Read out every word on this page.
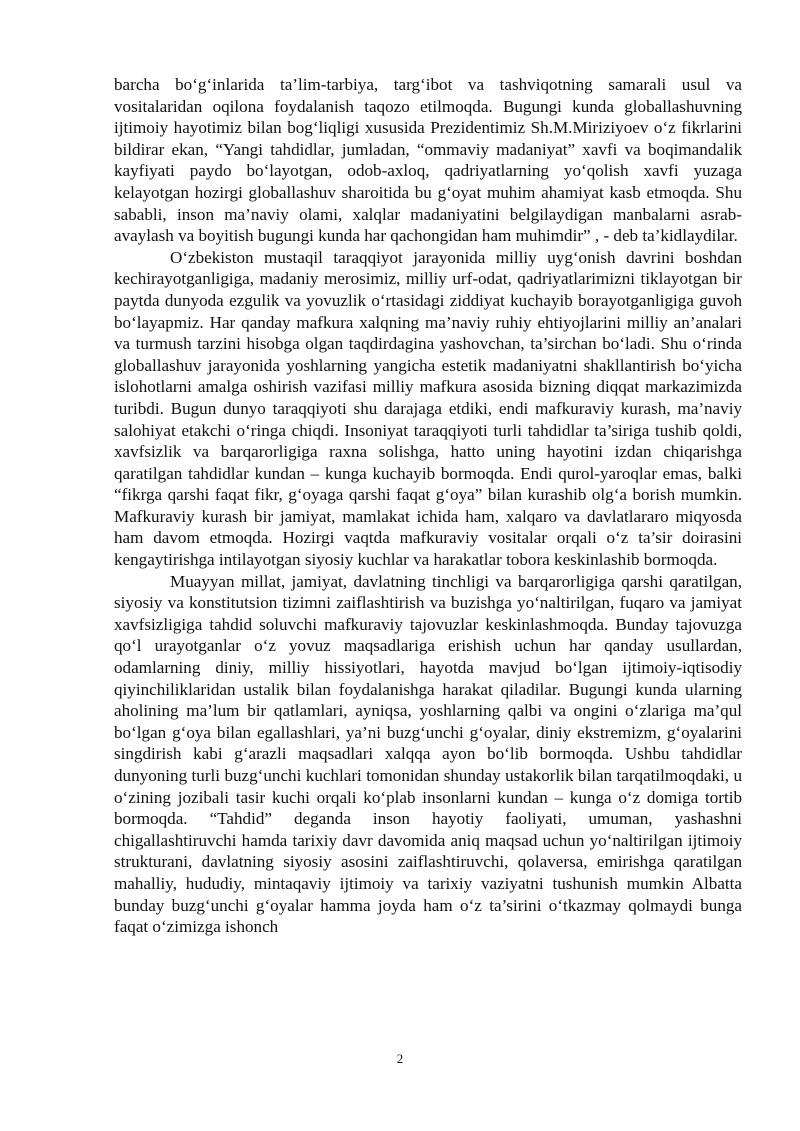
barcha bo‘g‘inlarida ta’lim-tarbiya, targ‘ibot va tashviqotning samarali usul va vositalaridan oqilona foydalanish taqozo etilmoqda. Bugungi kunda globallashuvning ijtimoiy hayotimiz bilan bog‘liqligi xususida Prezidentimiz Sh.M.Miriziyoev o‘z fikrlarini bildirar ekan, “Yangi tahdidlar, jumladan, “ommaviy madaniyat” xavfi va boqimandalik kayfiyati paydo bo‘layotgan, odob-axloq, qadriyatlarning yo‘qolish xavfi yuzaga kelayotgan hozirgi globallashuv sharoitida bu g‘oyat muhim ahamiyat kasb etmoqda. Shu sababli, inson ma’naviy olami, xalqlar madaniyatini belgilaydigan manbalarni asrab-avaylash va boyitish bugungi kunda har qachongidan ham muhimdir” , - deb ta’kidlaydilar.

O‘zbekiston mustaqil taraqqiyot jarayonida milliy uyg‘onish davrini boshdan kechirayotganligiga, madaniy merosimiz, milliy urf-odat, qadriyatlarimizni tiklayotgan bir paytda dunyoda ezgulik va yovuzlik o‘rtasidagi ziddiyat kuchayib borayotganligiga guvoh bo‘layapmiz. Har qanday mafkura xalqning ma’naviy ruhiy ehtiyojlarini milliy an’analari va turmush tarzini hisobga olgan taqdirdagina yashovchan, ta’sirchan bo‘ladi. Shu o‘rinda globallashuv jarayonida yoshlarning yangicha estetik madaniyatni shakllantirish bo‘yicha islohotlarni amalga oshirish vazifasi milliy mafkura asosida bizning diqqat markazimizda turibdi. Bugun dunyo taraqqiyoti shu darajaga etdiki, endi mafkuraviy kurash, ma’naviy salohiyat etakchi o‘ringa chiqdi. Insoniyat taraqqiyoti turli tahdidlar ta’siriga tushib qoldi, xavfsizlik va barqarorligiga raxna solishga, hatto uning hayotini izdan chiqarishga qaratilgan tahdidlar kundan – kunga kuchayib bormoqda. Endi qurol-yaroqlar emas, balki “fikrga qarshi faqat fikr, g‘oyaga qarshi faqat g‘oya” bilan kurashib olg‘a borish mumkin. Mafkuraviy kurash bir jamiyat, mamlakat ichida ham, xalqaro va davlatlararo miqyosda ham davom etmoqda. Hozirgi vaqtda mafkuraviy vositalar orqali o‘z ta’sir doirasini kengaytirishga intilayotgan siyosiy kuchlar va harakatlar tobora keskinlashib bormoqda.

Muayyan millat, jamiyat, davlatning tinchligi va barqarorligiga qarshi qaratilgan, siyosiy va konstitutsion tizimni zaiflashtirish va buzishga yo‘naltirilgan, fuqaro va jamiyat xavfsizligiga tahdid soluvchi mafkuraviy tajovuzlar keskinlashmoqda. Bunday tajovuzga qo‘l urayotganlar o‘z yovuz maqsadlariga erishish uchun har qanday usullardan, odamlarning diniy, milliy hissiyotlari, hayotda mavjud bo‘lgan ijtimoiy-iqtisodiy qiyinchiliklaridan ustalik bilan foydalanishga harakat qiladilar. Bugungi kunda ularning aholining ma’lum bir qatlamlari, ayniqsa, yoshlarning qalbi va ongini o‘zlariga ma’qul bo‘lgan g‘oya bilan egallashlari, ya’ni buzg‘unchi g‘oyalar, diniy ekstremizm, g‘oyalarini singdirish kabi g‘arazli maqsadlari xalqqa ayon bo‘lib bormoqda. Ushbu tahdidlar dunyoning turli buzg‘unchi kuchlari tomonidan shunday ustakorlik bilan tarqatilmoqdaki, u o‘zining jozibali tasir kuchi orqali ko‘plab insonlarni kundan – kunga o‘z domiga tortib bormoqda. “Tahdid” deganda inson hayotiy faoliyati, umuman, yashashni chigallashtiruvchi hamda tarixiy davr davomida aniq maqsad uchun yo‘naltirilgan ijtimoiy strukturani, davlatning siyosiy asosini zaiflashtiruvchi, qolaversa, emirishga qaratilgan mahalliy, hududiy, mintaqaviy ijtimoiy va tarixiy vaziyatni tushunish mumkin Albatta bunday buzg‘unchi g‘oyalar hamma joyda ham o‘z ta’sirini o‘tkazmay qolmaydi bunga faqat o‘zimizga ishonch

2
